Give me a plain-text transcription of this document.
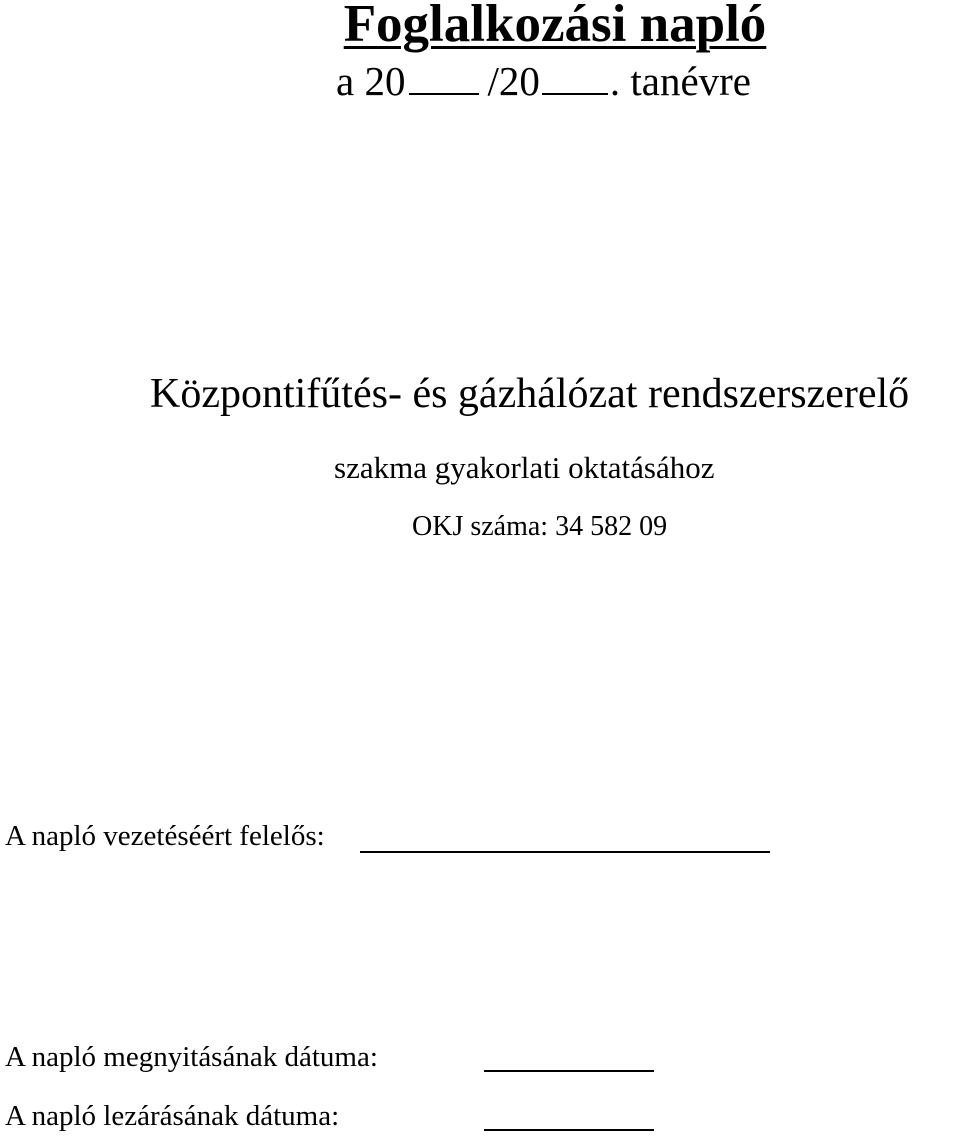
Foglalkozási napló
a 20 /20 . tanévre
Központifűtés- és gázhálózat rendszerszerelő
szakma gyakorlati oktatásához
OKJ száma: 34 582 09
A napló vezetéséért felelős:
A napló megnyitásának dátuma:
A napló lezárásának dátuma:
